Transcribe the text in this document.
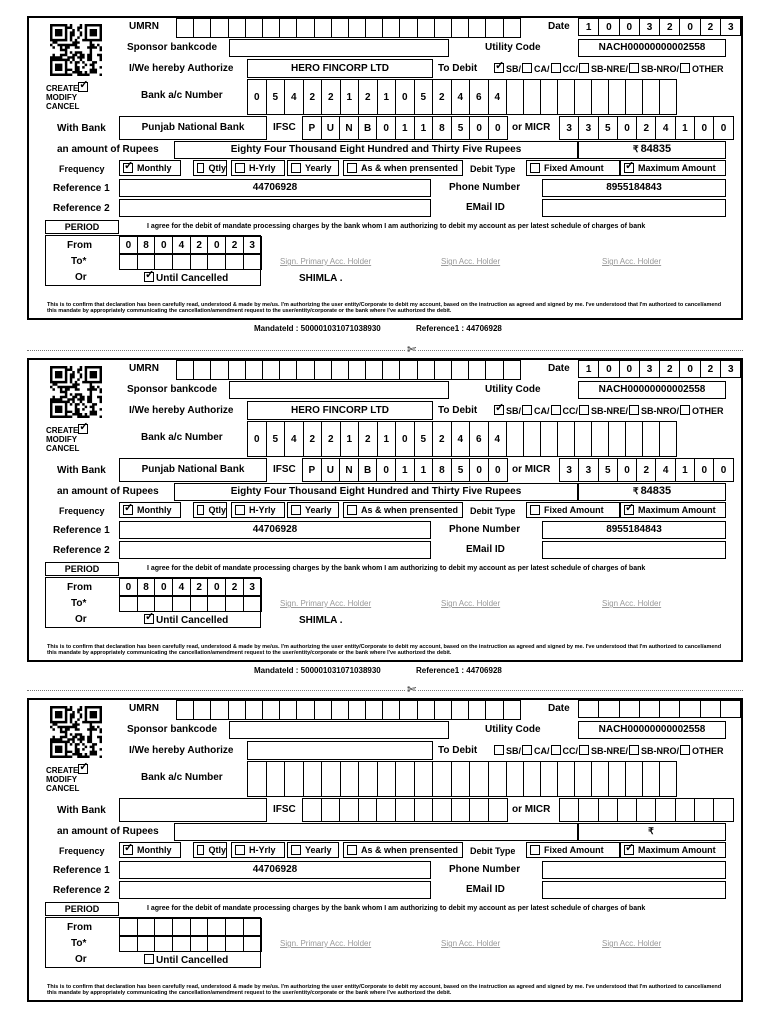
UMRN	Date	1	0	0	3	2	0	2	3
Sponsor bankcode	Utility Code	NACH00000000002558
I/We hereby Authorize	HERO FINCORP LTD	To Debit ✓	SB/ CA/ CC/ SB-NRE/ SB-NRO/ OTHER
CREATE✓
MODIFY
CANCEL
Bank a/c Number	0	5	4	2	2	1	2	1	0	5	2	4	6	4
With Bank	Punjab National Bank	IFSC	P	U	N	B	0	1	1	8	5	0	0	or MICR	3	3	5	0	2	4	1	0	0
an amount of Rupees	Eighty Four Thousand Eight Hundred and Thirty Five Rupees	₹ 84835
Frequency ✓	Monthly	Qtly	H-Yrly	Yearly	As & when prensented Debit Type	Fixed Amount ✓	Maximum Amount
Reference 1	44706928	Phone Number	8955184843
Reference 2	EMail ID
PERIOD	I agree for the debit of mandate processing charges by the bank whom I am authorizing to debit my account as per latest schedule of charges of bank
From	0	8	0	4	2	0	2	3
To*
Or ✓	Until Cancelled
Sign. Primary Acc. Holder	Sign Acc. Holder	Sign Acc. Holder
SHIMLA .
This is to confirm that declaration has been carefully read, understood & made by me/us. I'm authorizing the user entity/Corporate to debit my account, based on the instruction as agreed and signed by me. I've understood that I'm authorized to cancel/amend this mandate by appropriately communicating the cancellation/amendment request to the user/entity/corporate or the bank where I've authorized the debit.
MandateId : 500001031071038930	Reference1 : 44706928
UMRN	Date	1	0	0	3	2	0	2	3
Sponsor bankcode	Utility Code	NACH00000000002558
I/We hereby Authorize	HERO FINCORP LTD	To Debit ✓	SB/ CA/ CC/ SB-NRE/ SB-NRO/ OTHER
CREATE✓
MODIFY
CANCEL
Bank a/c Number	0	5	4	2	2	1	2	1	0	5	2	4	6	4
With Bank	Punjab National Bank	IFSC	P	U	N	B	0	1	1	8	5	0	0	or MICR	3	3	5	0	2	4	1	0	0
an amount of Rupees	Eighty Four Thousand Eight Hundred and Thirty Five Rupees	₹ 84835
Frequency ✓	Monthly	Qtly	H-Yrly	Yearly	As & when prensented Debit Type	Fixed Amount ✓	Maximum Amount
Reference 1	44706928	Phone Number	8955184843
Reference 2	EMail ID
PERIOD	I agree for the debit of mandate processing charges by the bank whom I am authorizing to debit my account as per latest schedule of charges of bank
From	0	8	0	4	2	0	2	3
To*
Or ✓	Until Cancelled
Sign. Primary Acc. Holder	Sign Acc. Holder	Sign Acc. Holder
SHIMLA .
This is to confirm that declaration has been carefully read, understood & made by me/us. I'm authorizing the user entity/Corporate to debit my account, based on the instruction as agreed and signed by me. I've understood that I'm authorized to cancel/amend this mandate by appropriately communicating the cancellation/amendment request to the user/entity/corporate or the bank where I've authorized the debit.
MandateId : 500001031071038930	Reference1 : 44706928
UMRN	Date
Sponsor bankcode	Utility Code	NACH00000000002558
I/We hereby Authorize	To Debit	SB/ CA/ CC/ SB-NRE/ SB-NRO/ OTHER
CREATE✓
MODIFY
CANCEL
Bank a/c Number
With Bank	IFSC	or MICR
an amount of Rupees	₹
Frequency ✓	Monthly	Qtly	H-Yrly	Yearly	As & when prensented Debit Type	Fixed Amount ✓	Maximum Amount
Reference 1	44706928	Phone Number
Reference 2	EMail ID
PERIOD	I agree for the debit of mandate processing charges by the bank whom I am authorizing to debit my account as per latest schedule of charges of bank
From
To*
Or	Until Cancelled
Sign. Primary Acc. Holder	Sign Acc. Holder	Sign Acc. Holder
This is to confirm that declaration has been carefully read, understood & made by me/us. I'm authorizing the user entity/Corporate to debit my account, based on the instruction as agreed and signed by me. I've understood that I'm authorized to cancel/amend this mandate by appropriately communicating the cancellation/amendment request to the user/entity/corporate or the bank where I've authorized the debit.
✄
✄
